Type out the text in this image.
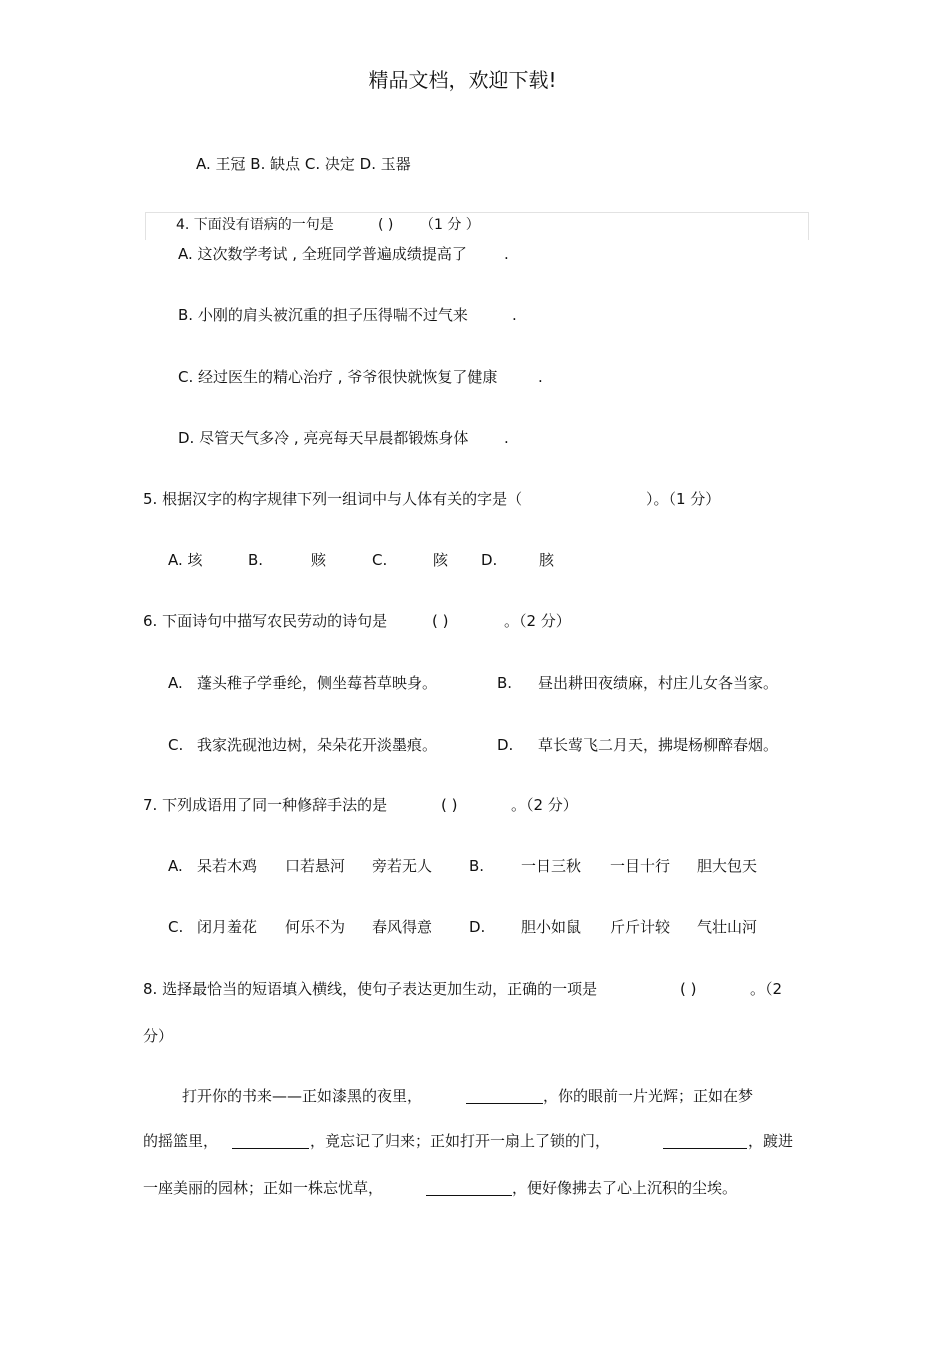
精品文档，欢迎下载!
A. 王冠 B. 缺点 C. 决定 D. 玉器
4. 下面没有语病的一句是	( ) （1 分 ）
A. 这次数学考试 , 全班同学普遍成绩提高了 .
B. 小刚的肩头被沉重的担子压得喘不过气来	.
C. 经过医生的精心治疗 , 爷爷很快就恢复了健康	.
D. 尽管天气多冷 , 亮亮每天早晨都锻炼身体 .
5. 根据汉字的构字规律下列一组词中与人体有关的字是（	）。（1 分）
A. 垓	B.	赅	C.	陔 D.	胲
6. 下面诗句中描写农民劳动的诗句是	( )	。（2 分）
A. 蓬头稚子学垂纶，侧坐莓苔草映身。	B. 昼出耕田夜绩麻，村庄儿女各当家。
C. 我家洗砚池边树，朵朵花开淡墨痕。	D. 草长莺飞二月天，拂堤杨柳醉春烟。
7. 下列成语用了同一种修辞手法的是	( )	。（2 分）
A. 呆若木鸡 口若悬河 旁若无人 B. 一日三秋 一目十行 胆大包天
C. 闭月羞花 何乐不为 春风得意 D. 胆小如鼠 斤斤计较 气壮山河
8. 选择最恰当的短语填入横线，使句子表达更加生动，正确的一项是	( )	。（2
分）
打开你的书来——正如漆黑的夜里，	，你的眼前一片光辉；正如在梦
的摇篮里，	，竟忘记了归来；正如打开一扇上了锁的门，	，踱进
一座美丽的园林；正如一株忘忧草，	，便好像拂去了心上沉积的尘埃。
